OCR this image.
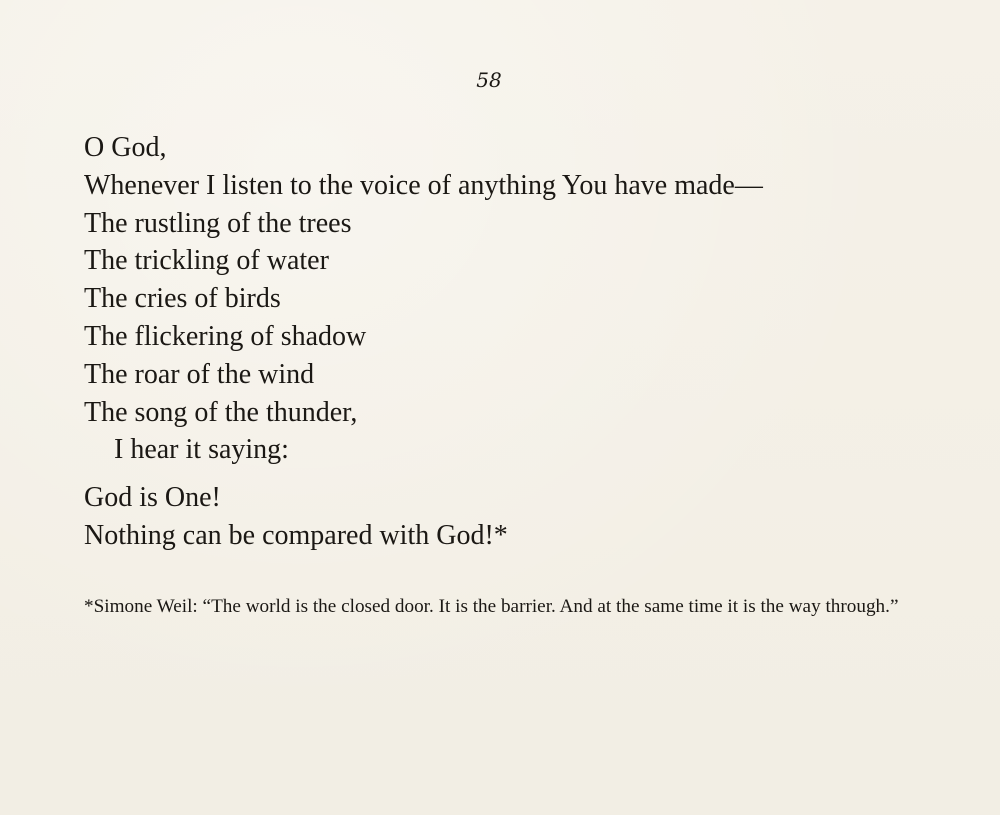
58
O God,
Whenever I listen to the voice of anything You have made—
The rustling of the trees
The trickling of water
The cries of birds
The flickering of shadow
The roar of the wind
The song of the thunder,
I hear it saying:
God is One!
Nothing can be compared with God!*
*Simone Weil: “The world is the closed door. It is the barrier. And at the same time it is the way through.”
